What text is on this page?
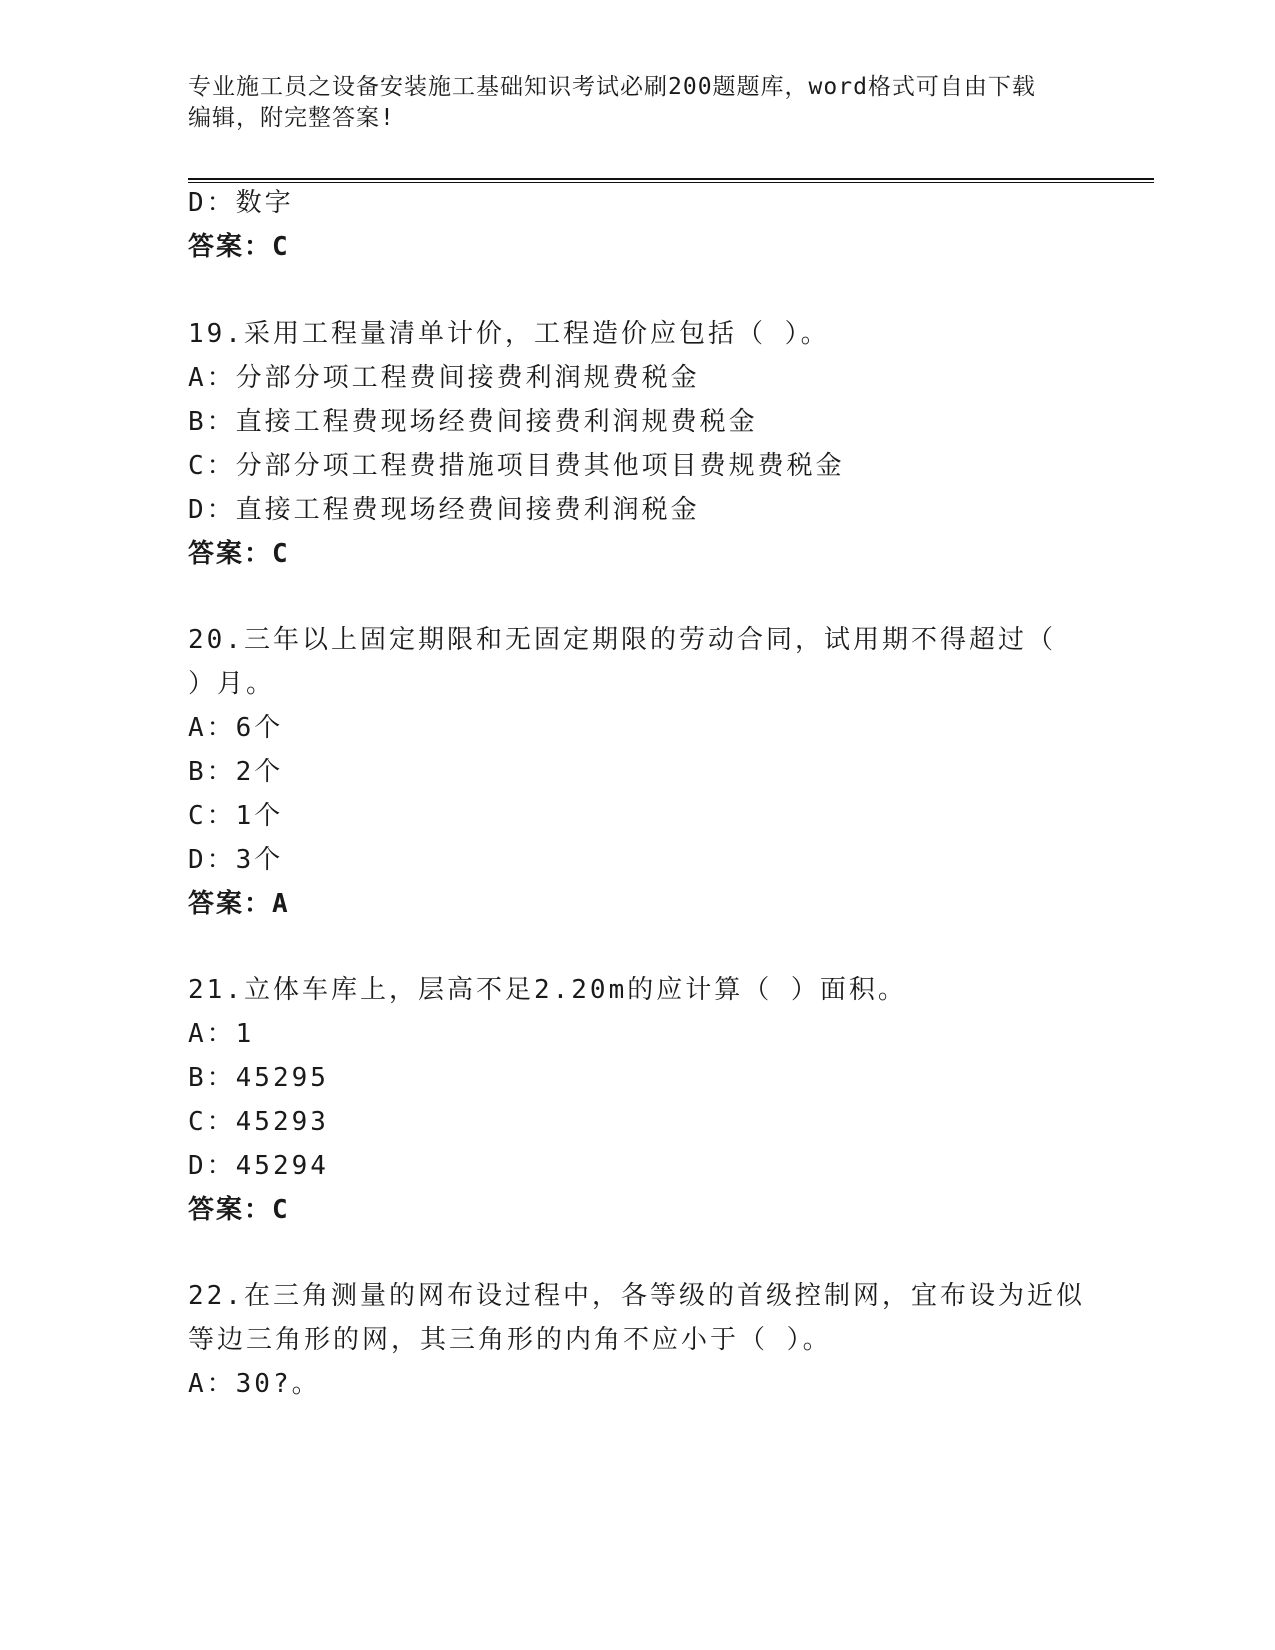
专业施工员之设备安装施工基础知识考试必刷200题题库，word格式可自由下载
编辑，附完整答案!
D：数字
答案：C
19.采用工程量清单计价，工程造价应包括（ ）。
A：分部分项工程费间接费利润规费税金
B：直接工程费现场经费间接费利润规费税金
C：分部分项工程费措施项目费其他项目费规费税金
D：直接工程费现场经费间接费利润税金
答案：C
20.三年以上固定期限和无固定期限的劳动合同，试用期不得超过（
）月。
A：6个
B：2个
C：1个
D：3个
答案：A
21.立体车库上，层高不足2.20m的应计算（ ）面积。
A：1
B：45295
C：45293
D：45294
答案：C
22.在三角测量的网布设过程中，各等级的首级控制网，宜布设为近似
等边三角形的网，其三角形的内角不应小于（ ）。
A：30?。
